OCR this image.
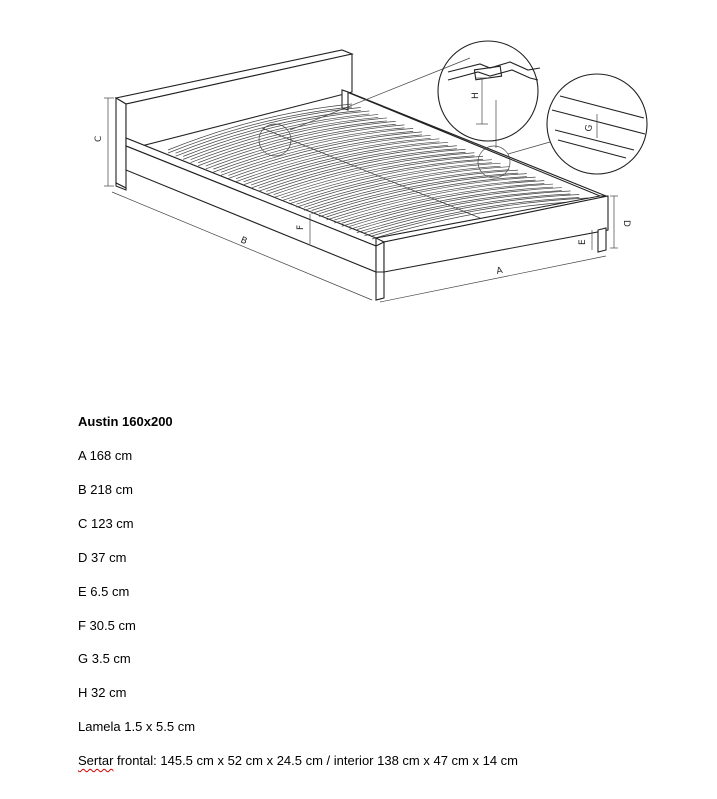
C
B
F
A
E
D
H
G
Austin 160x200
A 168 cm
B 218 cm
C 123 cm
D 37 cm
E 6.5 cm
F 30.5 cm
G 3.5 cm
H 32 cm
Lamela 1.5 x 5.5 cm
Sertar frontal: 145.5 cm x 52 cm x 24.5 cm / interior 138 cm x 47 cm x 14 cm
